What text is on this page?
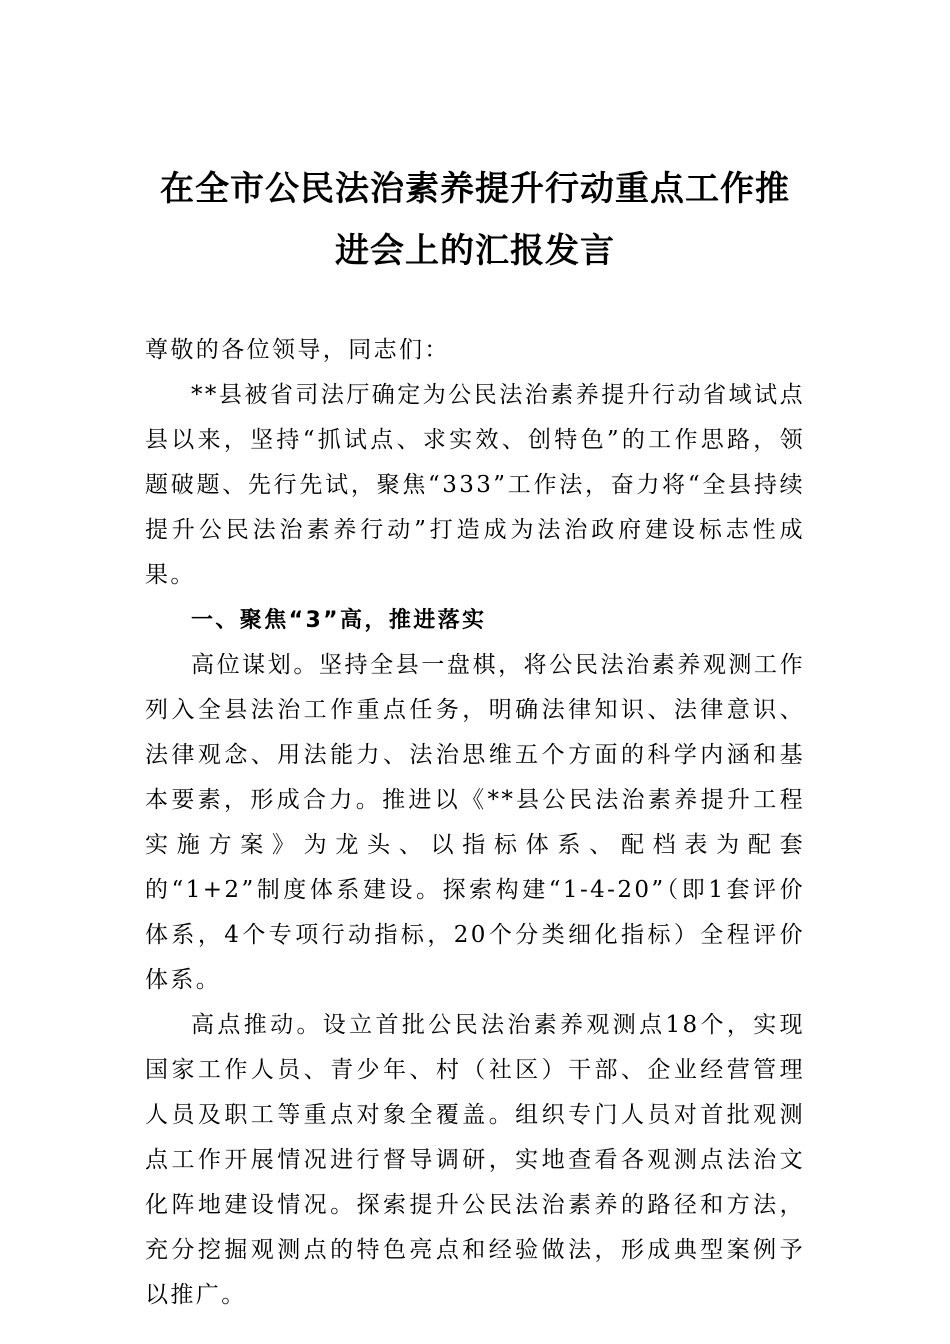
在全市公民法治素养提升行动重点工作推
进会上的汇报发言

尊敬的各位领导，同志们：

**县被省司法厅确定为公民法治素养提升行动省域试点县以来，坚持“抓试点、求实效、创特色”的工作思路，领题破题、先行先试，聚焦“333”工作法，奋力将“全县持续提升公民法治素养行动”打造成为法治政府建设标志性成果。

一、聚焦“3”高，推进落实

高位谋划。坚持全县一盘棋，将公民法治素养观测工作列入全县法治工作重点任务，明确法律知识、法律意识、法律观念、用法能力、法治思维五个方面的科学内涵和基本要素，形成合力。推进以《**县公民法治素养提升工程实施方案》为龙头、以指标体系、配档表为配套的“1+2”制度体系建设。探索构建“1-4-20”（即1套评价体系，4个专项行动指标，20个分类细化指标）全程评价体系。

高点推动。设立首批公民法治素养观测点18个，实现国家工作人员、青少年、村（社区）干部、企业经营管理人员及职工等重点对象全覆盖。组织专门人员对首批观测点工作开展情况进行督导调研，实地查看各观测点法治文化阵地建设情况。探索提升公民法治素养的路径和方法，充分挖掘观测点的特色亮点和经验做法，形成典型案例予以推广。
